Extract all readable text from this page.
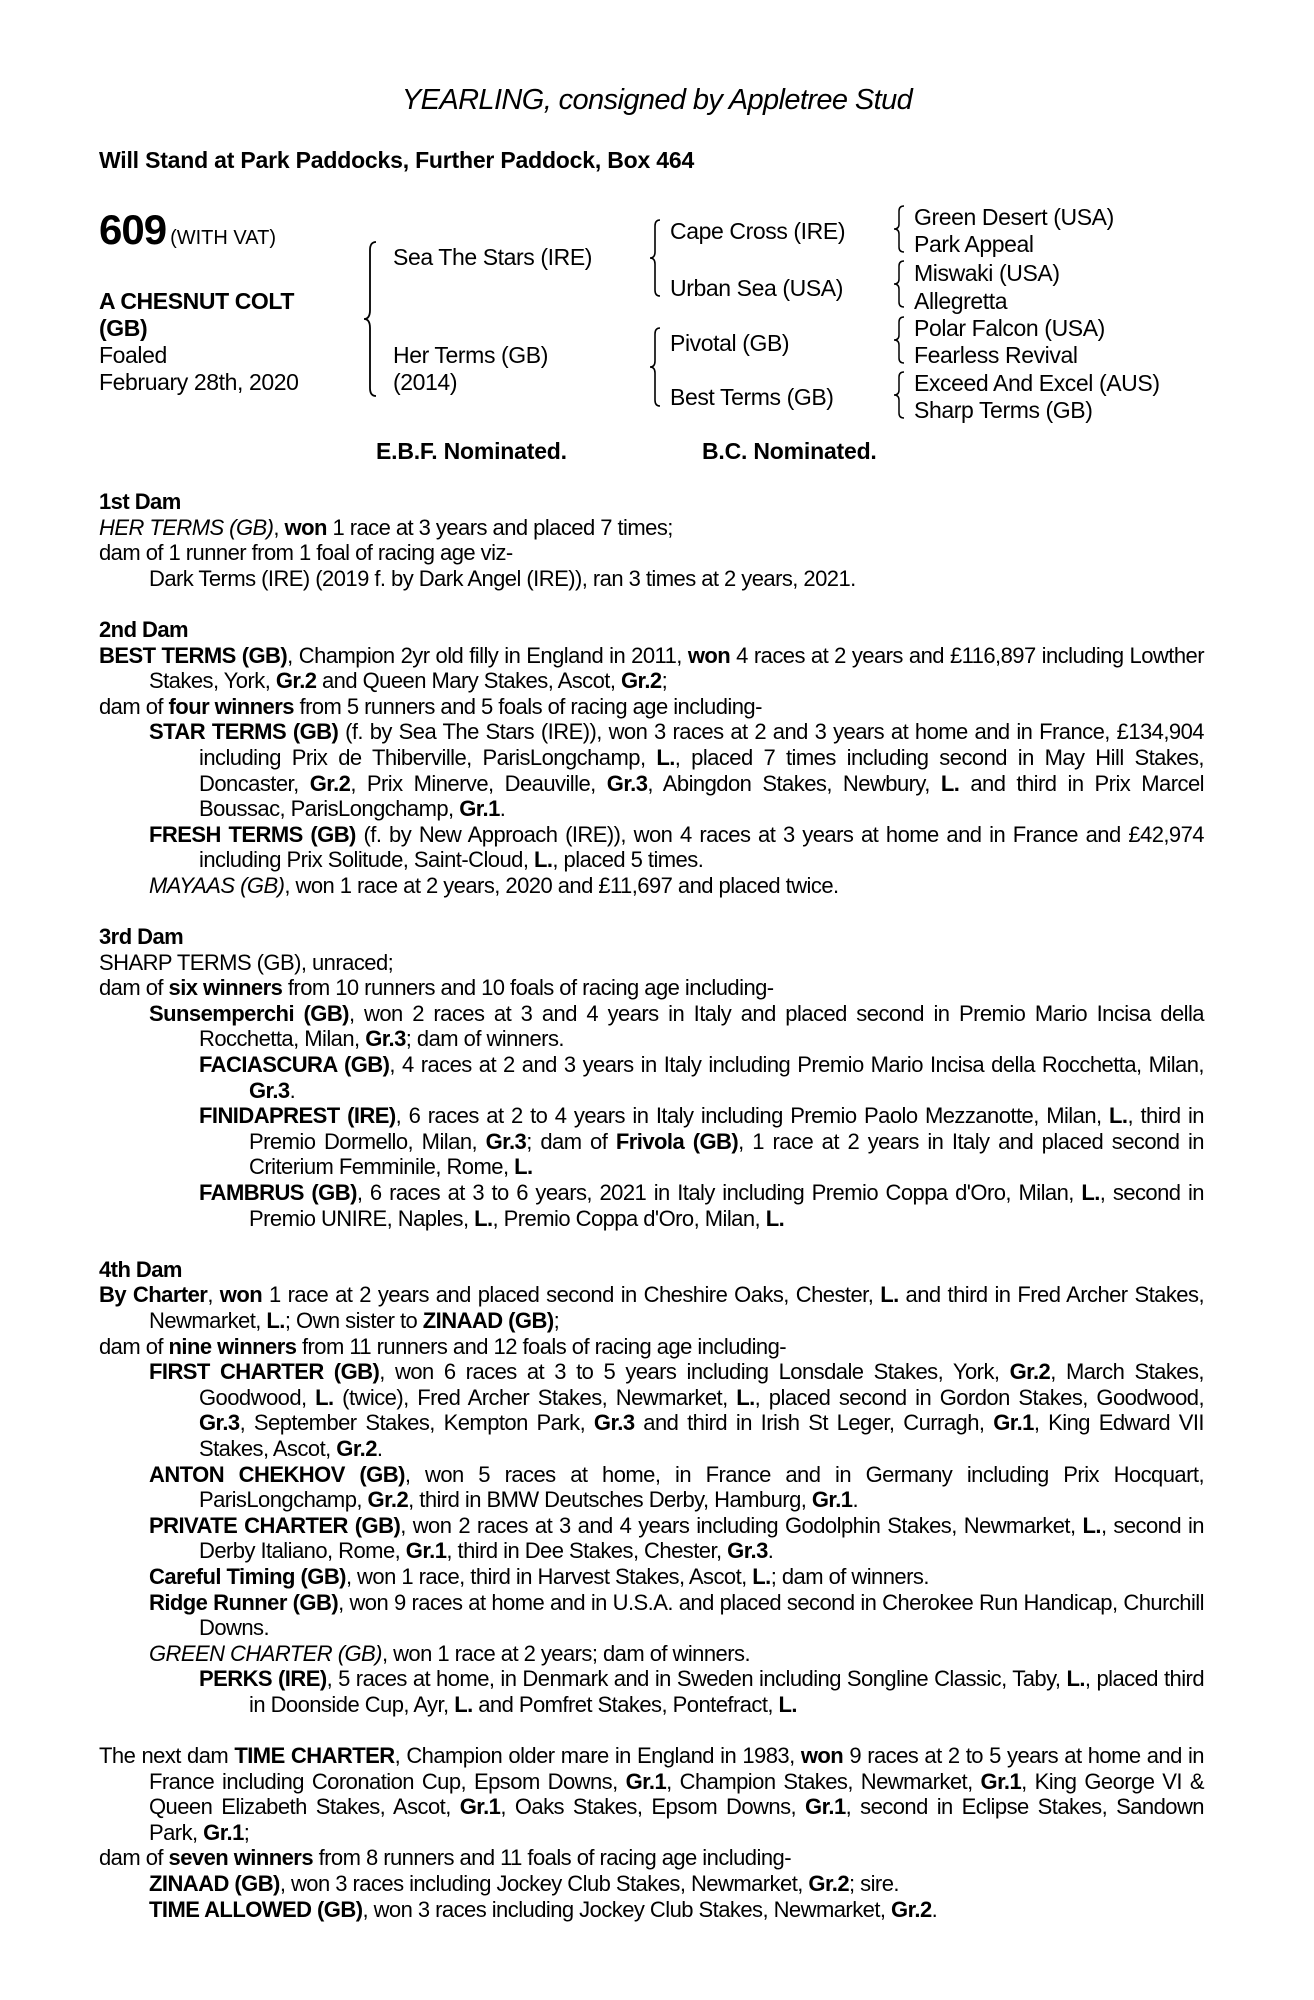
YEARLING, consigned by Appletree Stud
Will Stand at Park Paddocks, Further Paddock, Box 464
609 (WITH VAT)
A CHESNUT COLT
(GB)
Foaled
February 28th, 2020
Sea The Stars (IRE)
Her Terms (GB)
(2014)
Cape Cross (IRE)
Urban Sea (USA)
Pivotal (GB)
Best Terms (GB)
Green Desert (USA)
Park Appeal
Miswaki (USA)
Allegretta
Polar Falcon (USA)
Fearless Revival
Exceed And Excel (AUS)
Sharp Terms (GB)
E.B.F. Nominated.	B.C. Nominated.
1st Dam

HER TERMS (GB), won 1 race at 3 years and placed 7 times;

dam of 1 runner from 1 foal of racing age viz-

Dark Terms (IRE) (2019 f. by Dark Angel (IRE)), ran 3 times at 2 years, 2021.

2nd Dam

BEST TERMS (GB), Champion 2yr old filly in England in 2011, won 4 races at 2 years and £116,897 including Lowther Stakes, York, Gr.2 and Queen Mary Stakes, Ascot, Gr.2;

dam of four winners from 5 runners and 5 foals of racing age including-

STAR TERMS (GB) (f. by Sea The Stars (IRE)), won 3 races at 2 and 3 years at home and in France, £134,904 including Prix de Thiberville, ParisLongchamp, L., placed 7 times including second in May Hill Stakes, Doncaster, Gr.2, Prix Minerve, Deauville, Gr.3, Abingdon Stakes, Newbury, L. and third in Prix Marcel Boussac, ParisLongchamp, Gr.1.

FRESH TERMS (GB) (f. by New Approach (IRE)), won 4 races at 3 years at home and in France and £42,974 including Prix Solitude, Saint-Cloud, L., placed 5 times.

MAYAAS (GB), won 1 race at 2 years, 2020 and £11,697 and placed twice.

3rd Dam

SHARP TERMS (GB), unraced;

dam of six winners from 10 runners and 10 foals of racing age including-

Sunsemperchi (GB), won 2 races at 3 and 4 years in Italy and placed second in Premio Mario Incisa della Rocchetta, Milan, Gr.3; dam of winners.

FACIASCURA (GB), 4 races at 2 and 3 years in Italy including Premio Mario Incisa della Rocchetta, Milan, Gr.3.

FINIDAPREST (IRE), 6 races at 2 to 4 years in Italy including Premio Paolo Mezzanotte, Milan, L., third in Premio Dormello, Milan, Gr.3; dam of Frivola (GB), 1 race at 2 years in Italy and placed second in Criterium Femminile, Rome, L.

FAMBRUS (GB), 6 races at 3 to 6 years, 2021 in Italy including Premio Coppa d'Oro, Milan, L., second in Premio UNIRE, Naples, L., Premio Coppa d'Oro, Milan, L.

4th Dam

By Charter, won 1 race at 2 years and placed second in Cheshire Oaks, Chester, L. and third in Fred Archer Stakes, Newmarket, L.; Own sister to ZINAAD (GB);

dam of nine winners from 11 runners and 12 foals of racing age including-

FIRST CHARTER (GB), won 6 races at 3 to 5 years including Lonsdale Stakes, York, Gr.2, March Stakes, Goodwood, L. (twice), Fred Archer Stakes, Newmarket, L., placed second in Gordon Stakes, Goodwood, Gr.3, September Stakes, Kempton Park, Gr.3 and third in Irish St Leger, Curragh, Gr.1, King Edward VII Stakes, Ascot, Gr.2.

ANTON CHEKHOV (GB), won 5 races at home, in France and in Germany including Prix Hocquart, ParisLongchamp, Gr.2, third in BMW Deutsches Derby, Hamburg, Gr.1.

PRIVATE CHARTER (GB), won 2 races at 3 and 4 years including Godolphin Stakes, Newmarket, L., second in Derby Italiano, Rome, Gr.1, third in Dee Stakes, Chester, Gr.3.

Careful Timing (GB), won 1 race, third in Harvest Stakes, Ascot, L.; dam of winners.

Ridge Runner (GB), won 9 races at home and in U.S.A. and placed second in Cherokee Run Handicap, Churchill Downs.

GREEN CHARTER (GB), won 1 race at 2 years; dam of winners.

PERKS (IRE), 5 races at home, in Denmark and in Sweden including Songline Classic, Taby, L., placed third in Doonside Cup, Ayr, L. and Pomfret Stakes, Pontefract, L.

The next dam TIME CHARTER, Champion older mare in England in 1983, won 9 races at 2 to 5 years at home and in France including Coronation Cup, Epsom Downs, Gr.1, Champion Stakes, Newmarket, Gr.1, King George VI & Queen Elizabeth Stakes, Ascot, Gr.1, Oaks Stakes, Epsom Downs, Gr.1, second in Eclipse Stakes, Sandown Park, Gr.1;

dam of seven winners from 8 runners and 11 foals of racing age including-

ZINAAD (GB), won 3 races including Jockey Club Stakes, Newmarket, Gr.2; sire.

TIME ALLOWED (GB), won 3 races including Jockey Club Stakes, Newmarket, Gr.2.
